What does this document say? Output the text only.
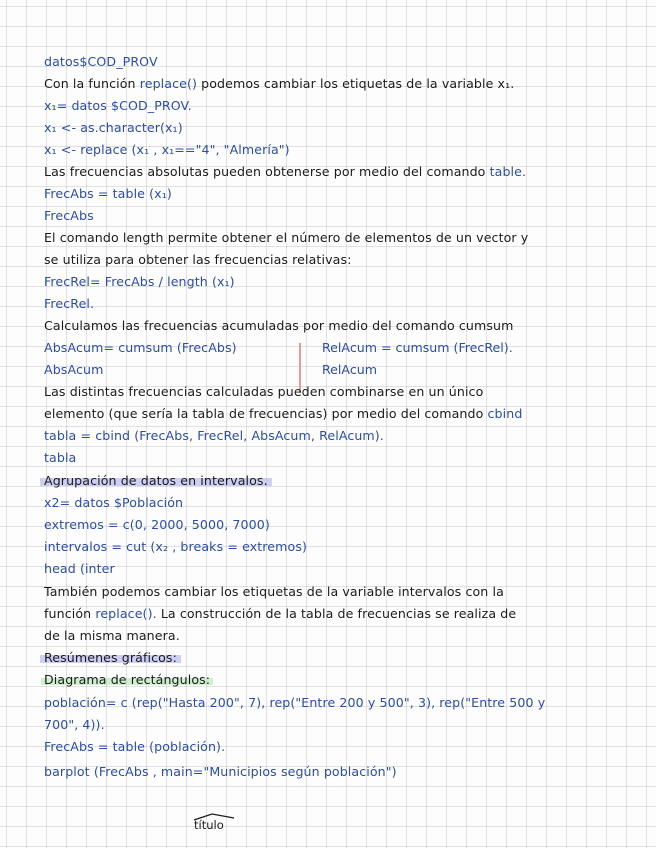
datos$COD_PROV
Con la función replace() podemos cambiar los etiquetas de la variable x₁.
x₁= datos $COD_PROV.
x₁ <- as.character(x₁)
x₁ <- replace (x₁ , x₁=="4", "Almería")
Las frecuencias absolutas pueden obtenerse por medio del comando table.
FrecAbs = table (x₁)
FrecAbs
El comando length permite obtener el número de elementos de un vector y
se utiliza para obtener las frecuencias relativas:
FrecRel= FrecAbs / length (x₁)
FrecRel.
Calculamos las frecuencias acumuladas por medio del comando cumsum
AbsAcum= cumsum (FrecAbs)	RelAcum = cumsum (FrecRel).
AbsAcum	RelAcum
Las distintas frecuencias calculadas pueden combinarse en un único
elemento (que sería la tabla de frecuencias) por medio del comando cbind
tabla = cbind (FrecAbs, FrecRel, AbsAcum, RelAcum).
tabla
Agrupación de datos en intervalos.
x2= datos $Población
extremos = c(0, 2000, 5000, 7000)
intervalos = cut (x₂ , breaks = extremos)
head (inter
También podemos cambiar los etiquetas de la variable intervalos con la
función replace(). La construcción de la tabla de frecuencias se realiza de
de la misma manera.
Resúmenes gráficos:
Diagrama de rectángulos:
población= c (rep("Hasta 200", 7), rep("Entre 200 y 500", 3), rep("Entre 500 y
700", 4)).
FrecAbs = table (población).
barplot (FrecAbs , main="Municipios según población")
título
